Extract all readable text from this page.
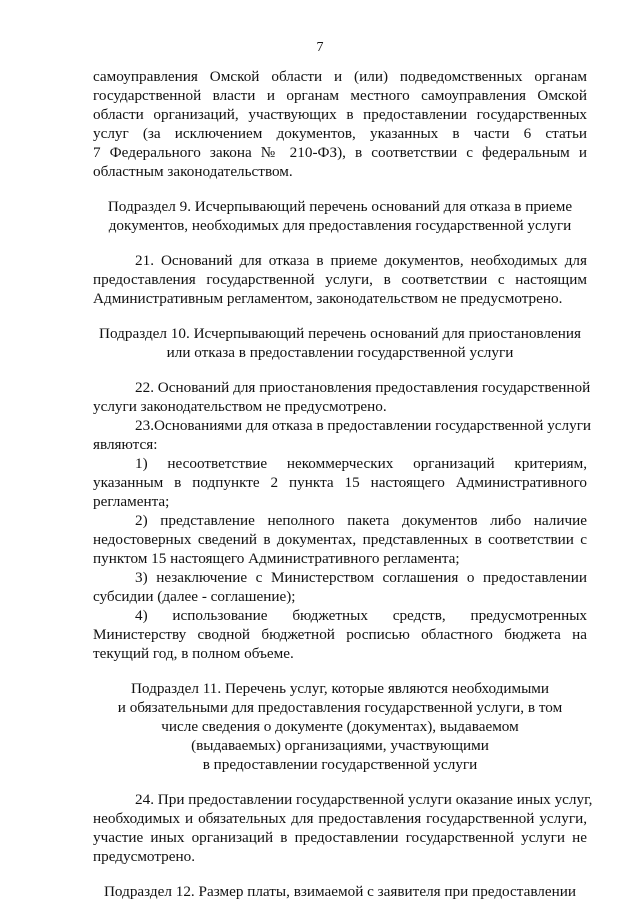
7
самоуправления Омской области и (или) подведомственных органам
государственной власти и органам местного самоуправления Омской
области организаций, участвующих в предоставлении государственных
услуг (за исключением документов, указанных в части 6 статьи
7 Федерального закона № 210-ФЗ), в соответствии с федеральным и
областным законодательством.
Подраздел 9. Исчерпывающий перечень оснований для отказа в приеме
документов, необходимых для предоставления государственной услуги
21. Оснований для отказа в приеме документов, необходимых для
предоставления государственной услуги, в соответствии с настоящим
Административным регламентом, законодательством не предусмотрено.
Подраздел 10. Исчерпывающий перечень оснований для приостановления
или отказа в предоставлении государственной услуги
22. Оснований для приостановления предоставления государственной
услуги законодательством не предусмотрено.
23.Основаниями для отказа в предоставлении государственной услуги
являются:
1) несоответствие некоммерческих организаций критериям,
указанным в подпункте 2 пункта 15 настоящего Административного
регламента;
2) представление неполного пакета документов либо наличие
недостоверных сведений в документах, представленных в соответствии с
пунктом 15 настоящего Административного регламента;
3) незаключение с Министерством соглашения о предоставлении
субсидии (далее - соглашение);
4) использование бюджетных средств, предусмотренных
Министерству сводной бюджетной росписью областного бюджета на
текущий год, в полном объеме.
Подраздел 11. Перечень услуг, которые являются необходимыми
и обязательными для предоставления государственной услуги, в том
числе сведения о документе (документах), выдаваемом
(выдаваемых) организациями, участвующими
в предоставлении государственной услуги
24. При предоставлении государственной услуги оказание иных услуг,
необходимых и обязательных для предоставления государственной услуги,
участие иных организаций в предоставлении государственной услуги не
предусмотрено.
Подраздел 12. Размер платы, взимаемой с заявителя при предоставлении
